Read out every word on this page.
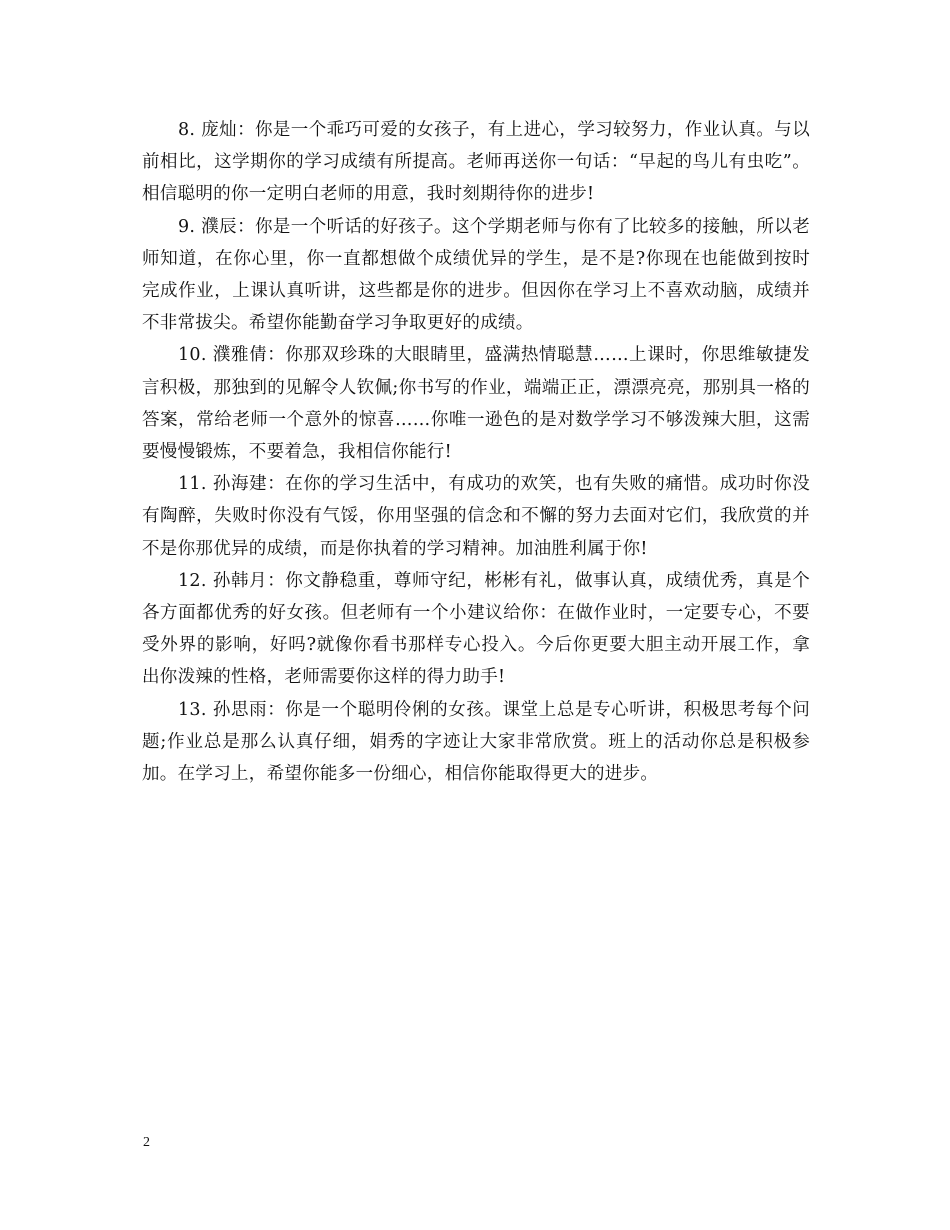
8. 庞灿：你是一个乖巧可爱的女孩子，有上进心，学习较努力，作业认真。与以前相比，这学期你的学习成绩有所提高。老师再送你一句话：“早起的鸟儿有虫吃”。相信聪明的你一定明白老师的用意，我时刻期待你的进步!

9. 濮辰：你是一个听话的好孩子。这个学期老师与你有了比较多的接触，所以老师知道，在你心里，你一直都想做个成绩优异的学生，是不是?你现在也能做到按时完成作业，上课认真听讲，这些都是你的进步。但因你在学习上不喜欢动脑，成绩并不非常拔尖。希望你能勤奋学习争取更好的成绩。

10. 濮雅倩：你那双珍珠的大眼睛里，盛满热情聪慧……上课时，你思维敏捷发言积极，那独到的见解令人钦佩;你书写的作业，端端正正，漂漂亮亮，那别具一格的答案，常给老师一个意外的惊喜……你唯一逊色的是对数学学习不够泼辣大胆，这需要慢慢锻炼，不要着急，我相信你能行!

11. 孙海建：在你的学习生活中，有成功的欢笑，也有失败的痛惜。成功时你没有陶醉，失败时你没有气馁，你用坚强的信念和不懈的努力去面对它们，我欣赏的并不是你那优异的成绩，而是你执着的学习精神。加油胜利属于你!

12. 孙韩月：你文静稳重，尊师守纪，彬彬有礼，做事认真，成绩优秀，真是个各方面都优秀的好女孩。但老师有一个小建议给你：在做作业时，一定要专心，不要受外界的影响，好吗?就像你看书那样专心投入。今后你更要大胆主动开展工作，拿出你泼辣的性格，老师需要你这样的得力助手!

13. 孙思雨：你是一个聪明伶俐的女孩。课堂上总是专心听讲，积极思考每个问题;作业总是那么认真仔细，娟秀的字迹让大家非常欣赏。班上的活动你总是积极参加。在学习上，希望你能多一份细心，相信你能取得更大的进步。

2
